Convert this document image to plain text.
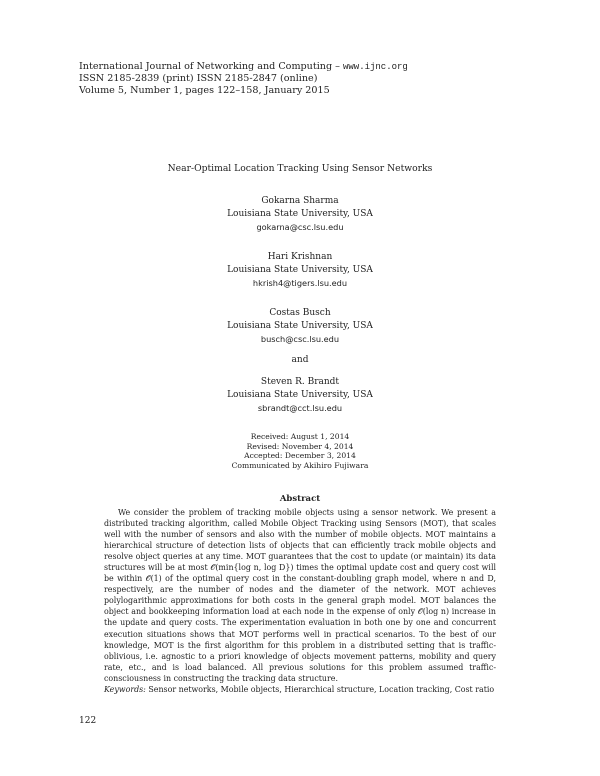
International Journal of Networking and Computing – www.ijnc.org
ISSN 2185-2839 (print) ISSN 2185-2847 (online)
Volume 5, Number 1, pages 122–158, January 2015
Near-Optimal Location Tracking Using Sensor Networks
Gokarna Sharma
Louisiana State University, USA
gokarna@csc.lsu.edu
Hari Krishnan
Louisiana State University, USA
hkrish4@tigers.lsu.edu
Costas Busch
Louisiana State University, USA
busch@csc.lsu.edu
and
Steven R. Brandt
Louisiana State University, USA
sbrandt@cct.lsu.edu
Received: August 1, 2014
Revised: November 4, 2014
Accepted: December 3, 2014
Communicated by Akihiro Fujiwara
Abstract

We consider the problem of tracking mobile objects using a sensor network. We present a distributed tracking algorithm, called Mobile Object Tracking using Sensors (MOT), that scales well with the number of sensors and also with the number of mobile objects. MOT maintains a hierarchical structure of detection lists of objects that can efficiently track mobile objects and resolve object queries at any time. MOT guarantees that the cost to update (or maintain) its data structures will be at most 𝒪(min{log n, log D}) times the optimal update cost and query cost will be within 𝒪(1) of the optimal query cost in the constant-doubling graph model, where n and D, respectively, are the number of nodes and the diameter of the network. MOT achieves polylogarithmic approximations for both costs in the general graph model. MOT balances the object and bookkeeping information load at each node in the expense of only 𝒪(log n) increase in the update and query costs. The experimentation evaluation in both one by one and concurrent execution situations shows that MOT performs well in practical scenarios. To the best of our knowledge, MOT is the first algorithm for this problem in a distributed setting that is traffic-oblivious, i.e. agnostic to a priori knowledge of objects movement patterns, mobility and query rate, etc., and is load balanced. All previous solutions for this problem assumed traffic-consciousness in constructing the tracking data structure.

Keywords: Sensor networks, Mobile objects, Hierarchical structure, Location tracking, Cost ratio
122
